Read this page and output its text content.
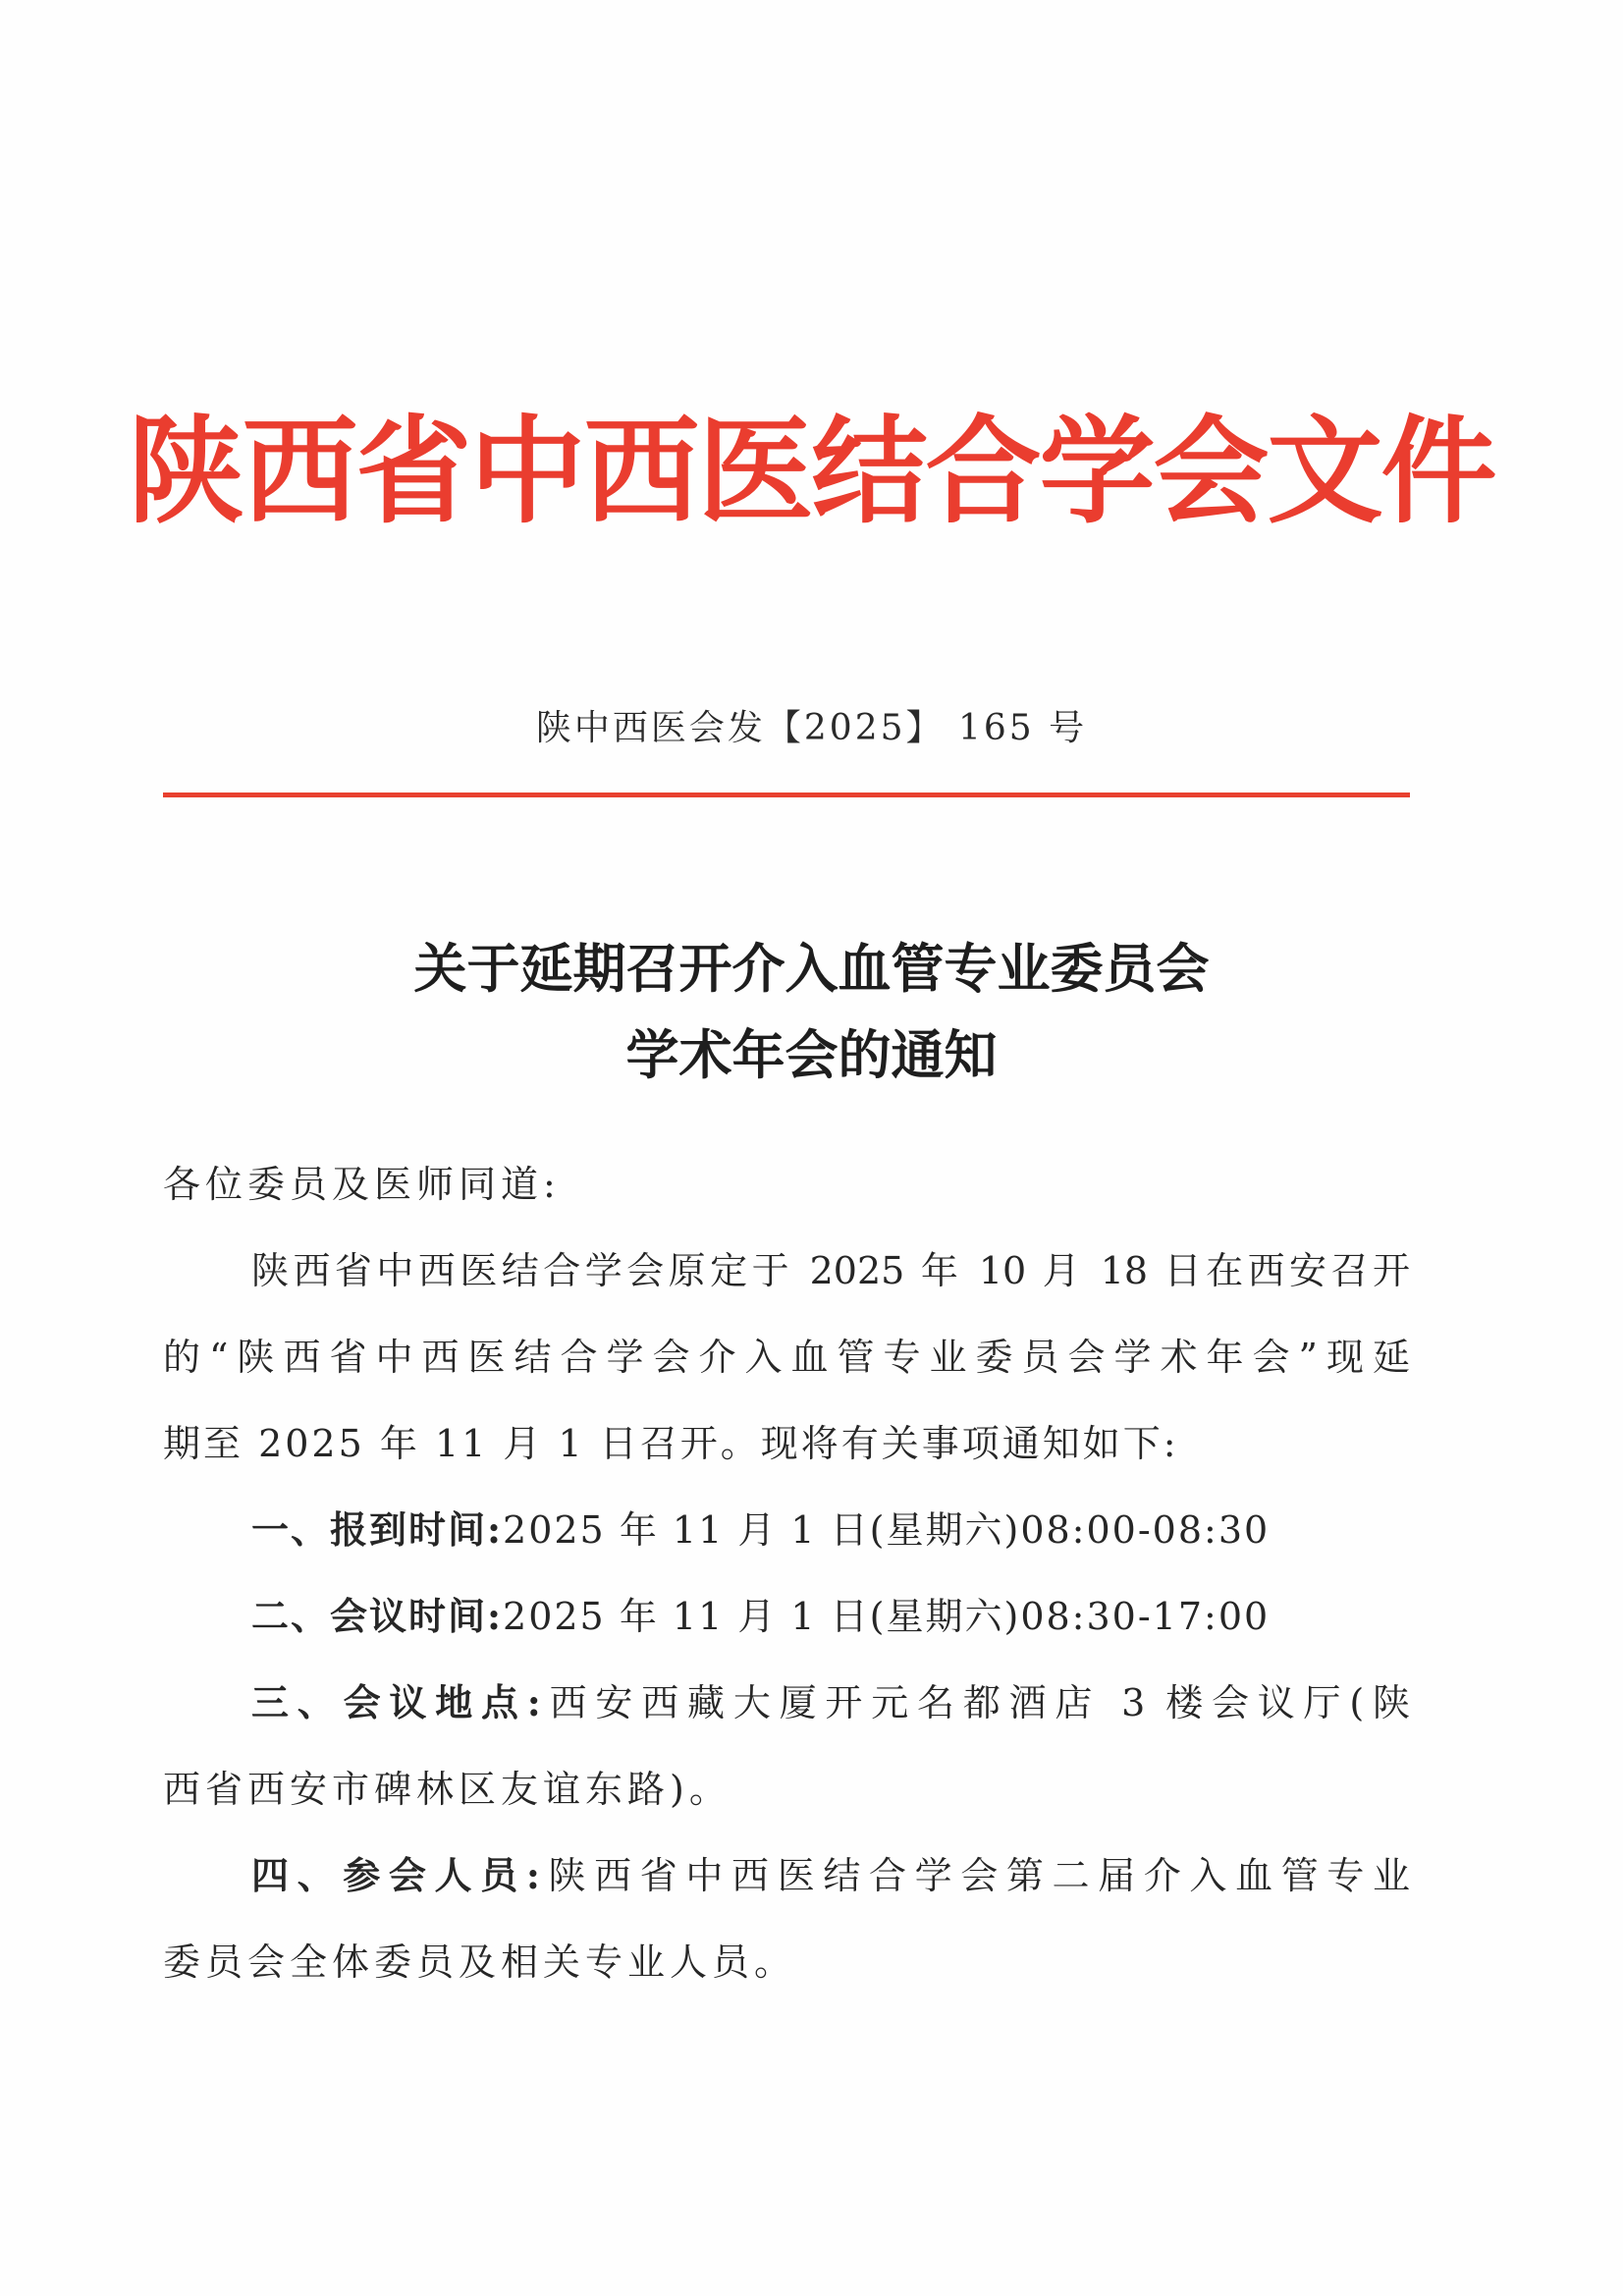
陕西省中西医结合学会文件
陕中西医会发【2025】 165 号
关于延期召开介入血管专业委员会
学术年会的通知
各位委员及医师同道:
陕西省中西医结合学会原定于 2025 年 10 月 18 日在西安召开
的“陕西省中西医结合学会介入血管专业委员会学术年会”现延
期至 2025 年 11 月 1 日召开。现将有关事项通知如下:
一、报到时间:2025 年 11 月 1 日(星期六)08:00-08:30
二、会议时间:2025 年 11 月 1 日(星期六)08:30-17:00
三、会议地点:西安西藏大厦开元名都酒店 3 楼会议厅(陕
西省西安市碑林区友谊东路)。
四、参会人员:陕西省中西医结合学会第二届介入血管专业
委员会全体委员及相关专业人员。
